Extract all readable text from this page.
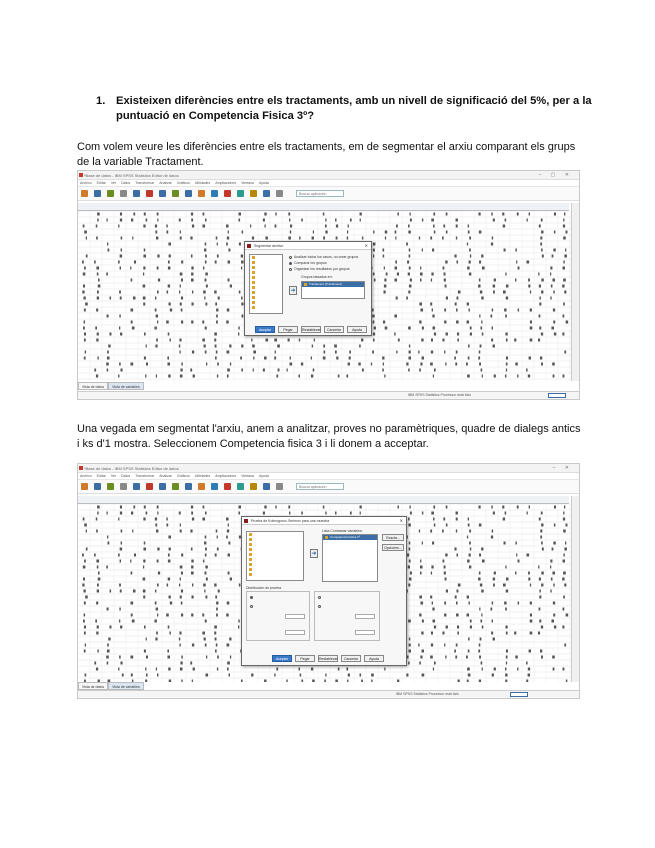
1. Existeixen diferències entre els tractaments, amb un nivell de significació del 5%, per a la puntuació en Competencia Fisica 3º?

Com volem veure les diferències entre els tractaments, em de segmentar el arxiu comparant els grups de la variable Tractament.

*Base de datos - IBM SPSS Statistics Editor de datos	– ▢ ✕
Archivo Editar Ver Datos Transformar Analizar Gráficos Utilidades Ampliaciones Ventana Ayuda
Buscar aplicación
Segmentar archivo	✕
Analizar todos los casos, no crear grupos
Comparar los grupos
Organizar los resultados por grupos
Grupos basados en:
➜
Tractament [Tractament]
Aceptar	Pegar	Restablecer	Cancelar	Ayuda
Vista de datos Vista de variables
IBM SPSS Statistics Processor está listo

Una vegada em segmentat l'arxiu, anem a analitzar, proves no paramètriques, quadre de dialegs antics i ks d'1 mostra. Seleccionem Competencia fisica 3 i li donem a acceptar.

*Base de datos - IBM SPSS Statistics Editor de datos	– ✕
Archivo Editar Ver Datos Transformar Analizar Gráficos Utilidades Ampliaciones Ventana Ayuda
Buscar aplicación
Prueba de Kolmogorov-Smirnov para una muestra	✕
➜
Lista Contrastar variables:
Competencia Fisica 3º	Exacta...
Opciones...
Distribución de prueba
Aceptar	Pegar	Restablecer	Cancelar	Ayuda
Vista de datos Vista de variables
IBM SPSS Statistics Processor está listo
